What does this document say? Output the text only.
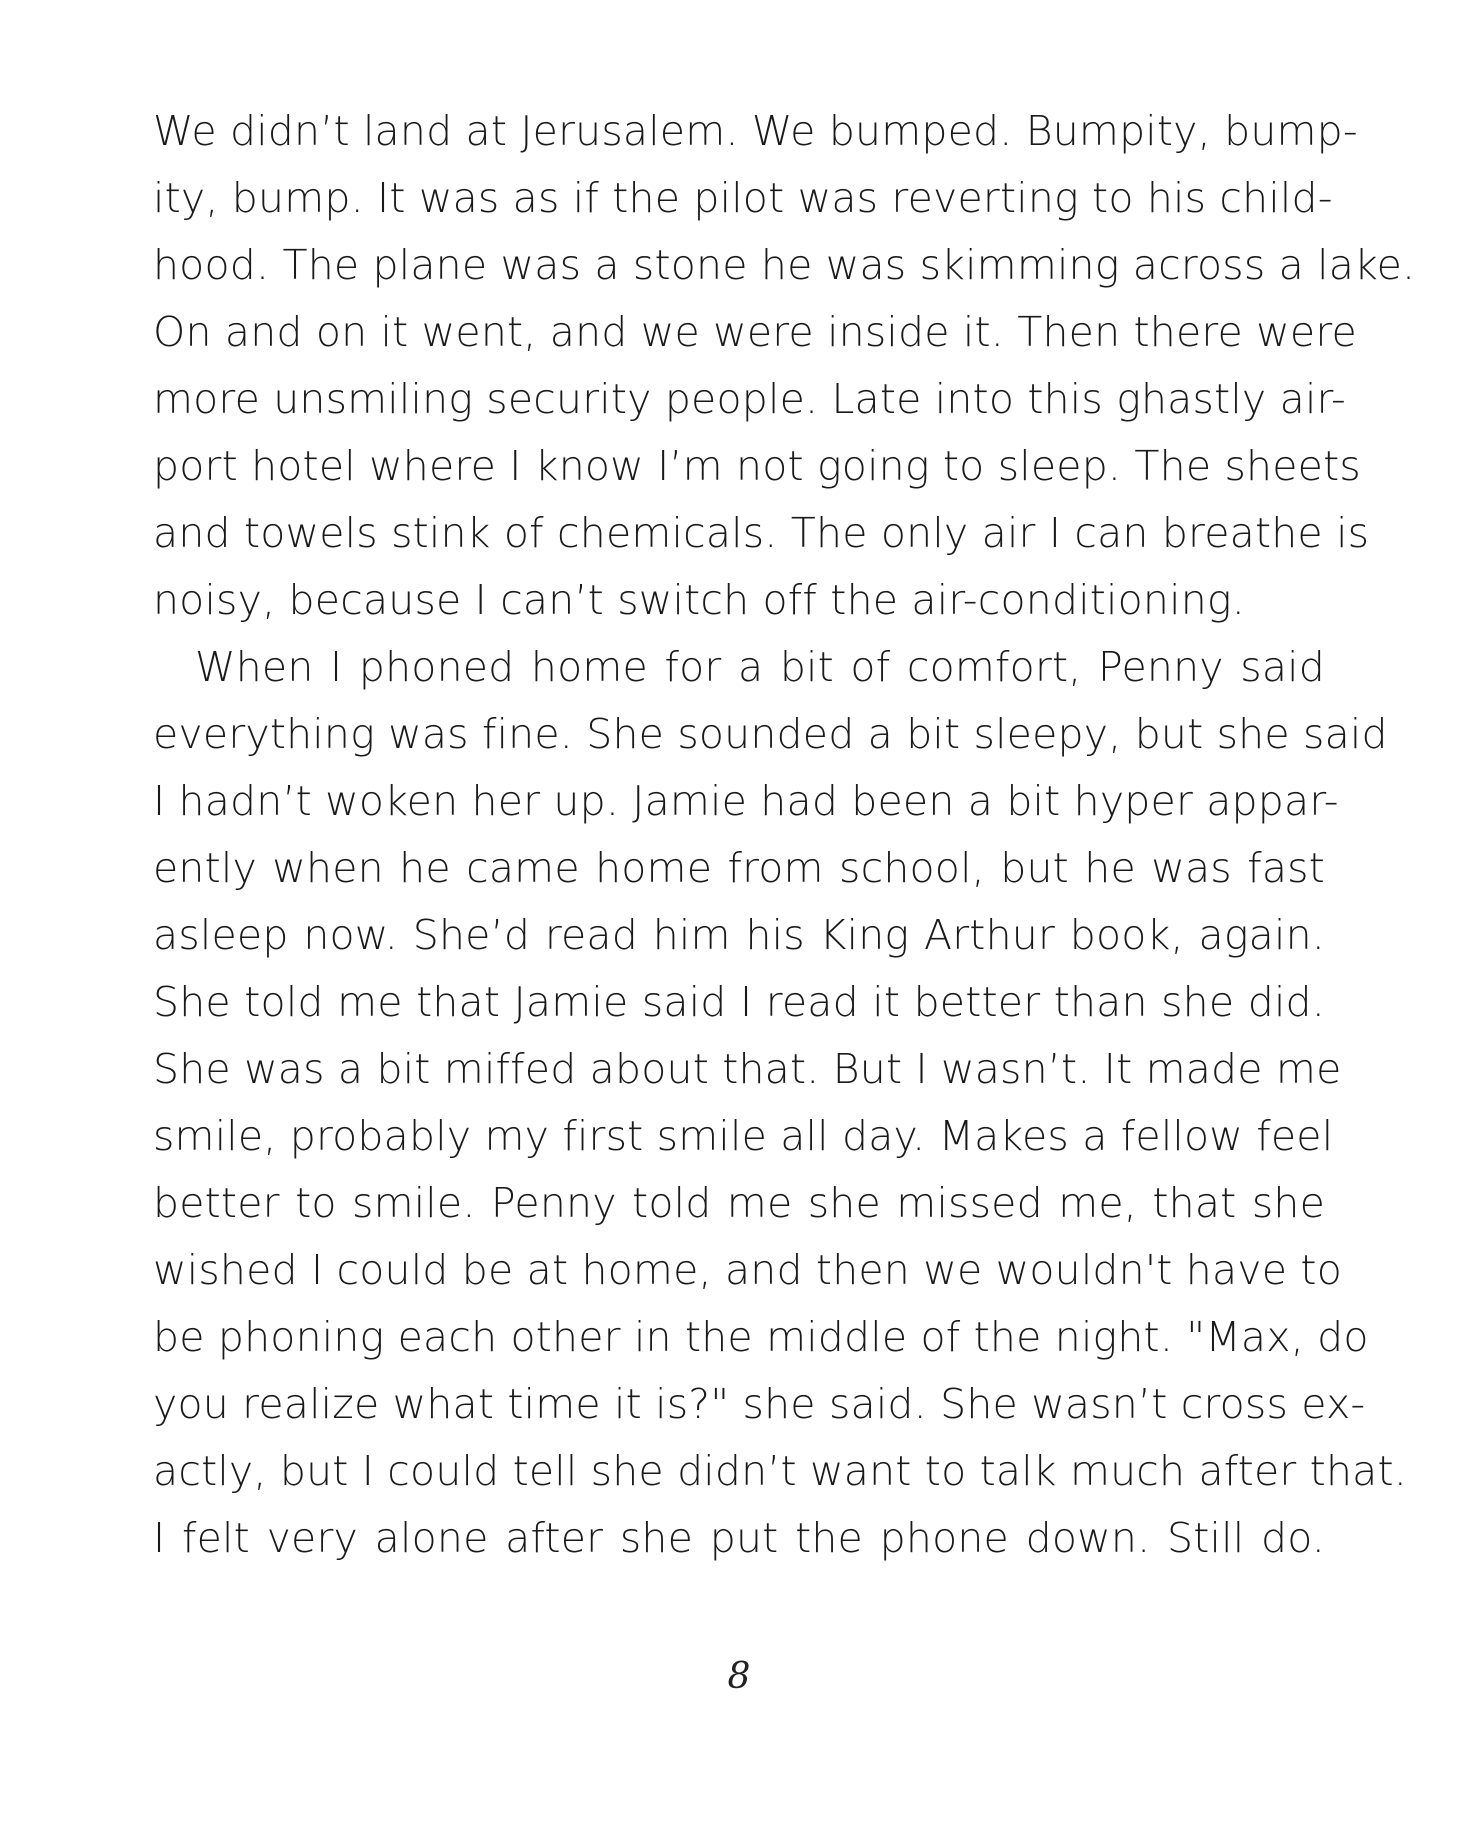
We didn’t land at Jerusalem. We bumped. Bumpity, bump-
ity, bump. It was as if the pilot was reverting to his child-
hood. The plane was a stone he was skimming across a lake.
On and on it went, and we were inside it. Then there were
more unsmiling security people. Late into this ghastly air-
port hotel where I know I’m not going to sleep. The sheets
and towels stink of chemicals. The only air I can breathe is
noisy, because I can’t switch off the air-conditioning.
When I phoned home for a bit of comfort, Penny said
everything was fine. She sounded a bit sleepy, but she said
I hadn’t woken her up. Jamie had been a bit hyper appar-
ently when he came home from school, but he was fast
asleep now. She’d read him his King Arthur book, again.
She told me that Jamie said I read it better than she did.
She was a bit miffed about that. But I wasn’t. It made me
smile, probably my first smile all day. Makes a fellow feel
better to smile. Penny told me she missed me, that she
wished I could be at home, and then we wouldn't have to
be phoning each other in the middle of the night. "Max, do
you realize what time it is?" she said. She wasn’t cross ex-
actly, but I could tell she didn’t want to talk much after that.
I felt very alone after she put the phone down. Still do.
8
